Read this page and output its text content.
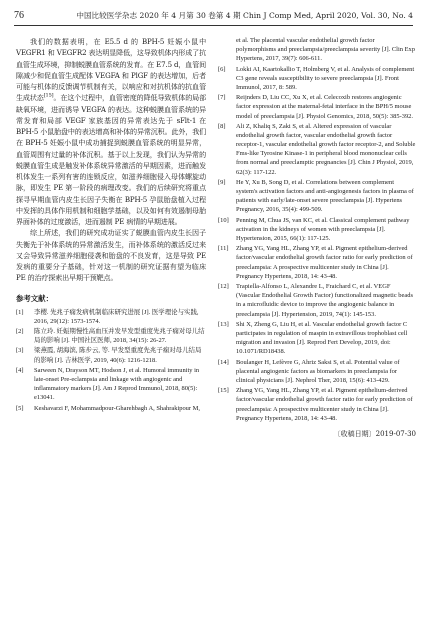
76	中国比较医学杂志 2020 年 4 月第 30 卷第 4 期 Chin J Comp Med, April 2020, Vol. 30, No. 4

我们的数据表明，在 E5.5 d 的 BPH-5 妊娠小鼠中 VEGFR1 和 VEGFR2 表达明显降低，这导致机体内形成了抗血管生成环境，抑制蜕膜血管系统的发育。在 E7.5 d，血管间隙减少和促血管生成配体 VEGFA 和 PlGF 的表达增加，后者可能与机体的反馈调节机制有关，以响应和对抗机体的抗血管生成状态[15]。在这个过程中，血管密度的降低导致机体的局部缺氧环境，进而诱导 VEGFA 的表达。这种蜕膜血管系统的异常发育和局部 VEGF 家族基因的异常表达先于 sFlt-1 在 BPH-5 小鼠胎盘中的表达增高和补体的异常沉积。此外，我们在 BPH-5 妊娠小鼠中成功捕捉到蜕膜血管系统的明显异常，血管周围有过量的补体沉积。基于以上发现，我们认为异常的蜕膜血管生成是触发补体系统异常激活的早期因素，进而触发机体发生一系列有害的连锁反应，如滋养细胞侵入母体螺旋动脉，即发生 PE 第一阶段的病理改变。我们的后续研究将重点探寻早期血管内皮生长因子失衡在 BPH-5 孕鼠胎盘植入过程中发挥的具体作用机制和细胞学基础，以及如何有效遏制母胎界面补体的过度激活，进而遏制 PE 病情的早期进展。

综上所述，我们的研究成功证实了蜕膜血管内皮生长因子失衡先于补体系统的异常激活发生，而补体系统的激活反过来又会导致异常滋养细胞侵袭和胎盘的不良发育，这是导致 PE 发病的重要分子基础，针对这一机制的研究证据有望为临床 PE 的治疗探索出早期干预靶点。

参考文献：
[1] 李樱. 先兆子痫发病机制临床研究进展 [J]. 医学理论与实践, 2016, 29(12): 1573-1574.
[2] 陈立玲. 妊娠期慢性高血压并发早发型重度先兆子痫对母儿结局的影响 [J]. 中国社区医师, 2018, 34(15): 26-27.
[3] 梁燕霞, 胡海滨, 陈步云, 等. 早发型重度先兆子痫对母儿结局的影响 [J]. 吉林医学, 2019, 40(6): 1216-1218.
[4] Sarween N, Drayson MT, Hodson J, et al. Humoral immunity in late-onset Pre-eclampsia and linkage with angiogenic and inflammatory markers [J]. Am J Reprod Immunol, 2018, 80(5): e13041.
[5] Keshavarzi F, Mohammadpour-Gharehbagh A, Shahrakipour M,
et al. The placental vascular endothelial growth factor polymorphisms and preeclampsia/preeclampsia severity [J]. Clin Exp Hypertens, 2017, 39(7): 606-611.
[6] Lokki AI, Kaartokallio T, Holmberg V, et al. Analysis of complement C3 gene reveals susceptibility to severe preeclampsia [J]. Front Immunol, 2017, 8: 589.
[7] Reijnders D, Liu CC, Xu X, et al. Celecoxib restores angiogenic factor expression at the maternal-fetal interface in the BPH/5 mouse model of preeclampsia [J]. Physiol Genomics, 2018, 50(5): 385-392.
[8] Ali Z, Khaliq S, Zaki S, et al. Altered expression of vascular endothelial growth factor, vascular endothelial growth factor receptor-1, vascular endothelial growth factor receptor-2, and Soluble Fms-like Tyrosine Kinase-1 in peripheral blood mononuclear cells from normal and preeclamptic pregnancies [J]. Chin J Physiol, 2019, 62(3): 117-122.
[9] He Y, Xu B, Song D, et al. Correlations between complement system's activation factors and anti-angiogenesis factors in plasma of patients with early/late-onset severe preeclampsia [J]. Hypertens Pregnancy, 2016, 35(4): 499-509.
[10] Penning M, Chua JS, van KC, et al. Classical complement pathway activation in the kidneys of women with preeclampsia [J]. Hypertension, 2015, 66(1): 117-125.
[11] Zhang YG, Yang HL, Zhang YP, et al. Pigment epithelium-derived factor/vascular endothelial growth factor ratio for early prediction of preeclampsia: A prospective multicenter study in China [J]. Pregnancy Hypertens, 2018, 14: 43-48.
[12] Trapiella-Alfonso L, Alexandre L, Fraichard C, et al. VEGF (Vascular Endothelial Growth Factor) functionalized magnetic beads in a microfluidic device to improve the angiogenic balance in preeclampsia [J]. Hypertension, 2019, 74(1): 145-153.
[13] Shi X, Zheng G, Liu H, et al. Vascular endothelial growth factor C participates in regulation of maspin in extravillous trophoblast cell migration and invasion [J]. Reprod Fert Develop, 2019, doi: 10.1071/RD18438.
[14] Boulanger H, Lefèvre G, Ahriz Saksi S, et al. Potential value of placental angiogenic factors as biomarkers in preeclampsia for clinical physicians [J]. Nephrol Ther, 2018, 15(6): 413-429.
[15] Zhang YG, Yang HL, Zhang YP, et al. Pigment epithelium-derived factor/vascular endothelial growth factor ratio for early prediction of preeclampsia: A prospective multicenter study in China [J]. Pregnancy Hypertens, 2018, 14: 43-48.
〔收稿日期〕2019-07-30
